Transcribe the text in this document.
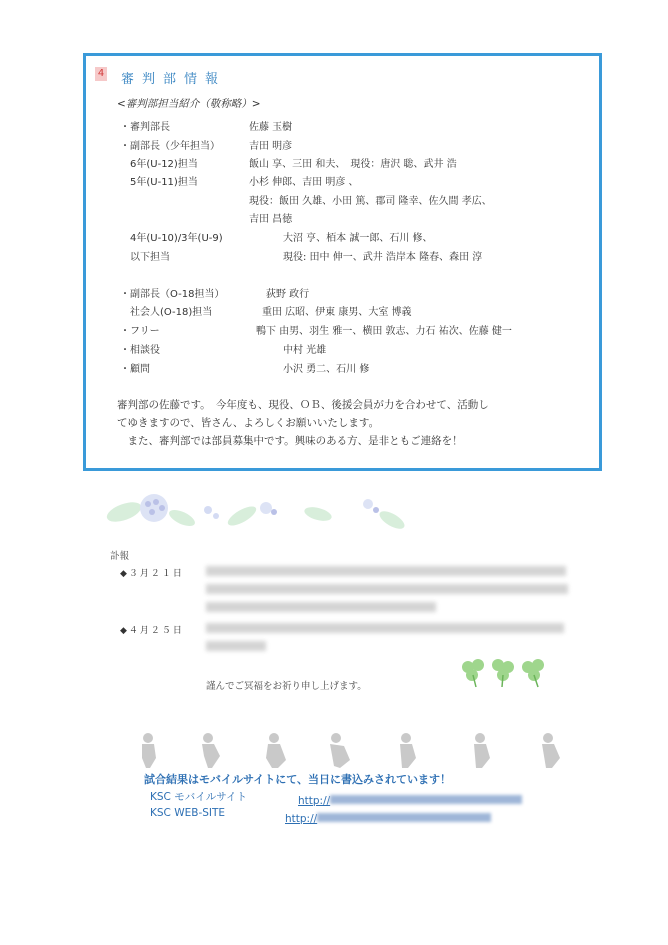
4 審判部情報
<審判部担当紹介（敬称略）>
・審判部長	佐藤 玉樹
・副部長（少年担当）	吉田 明彦
6年(U-12)担当	飯山 享、三田 和夫、　現役：唐沢 聡、武井 浩
5年(U-11)担当	小杉 伸郎、吉田 明彦 、
現役：飯田 久雄、小田 篤、郡司 隆幸、佐久間 孝広、
吉田 昌徳
4年(U-10)/3年(U-9)	大沼 亨、栢本 誠一郎、石川 修、
以下担当	現役: 田中 伸一、武井 浩岸本 隆春、森田 淳
・副部長（O-18担当）	荻野 政行
社会人(O-18)担当	重田 広昭、伊東 康男、大室 博義
・フリー	鴨下 由男、羽生 雅一、横田 敦志、力石 祐次、佐藤 健一
・相談役	中村 光雄
・顧問	小沢 勇二、石川 修
審判部の佐藤です。　今年度も、現役、ＯＢ、後援会員が力を合わせて、活動し
てゆきますので、皆さん、よろしくお願いいたします。
　また、審判部では部員募集中です。興味のある方、是非ともご連絡を！
訃報
◆３月２１日
◆４月２５日
謹んでご冥福をお祈り申し上げます。
試合結果はモバイルサイトにて、当日に書込みされています！
KSC モバイルサイト	http://
KSC WEB-SITE	http://
